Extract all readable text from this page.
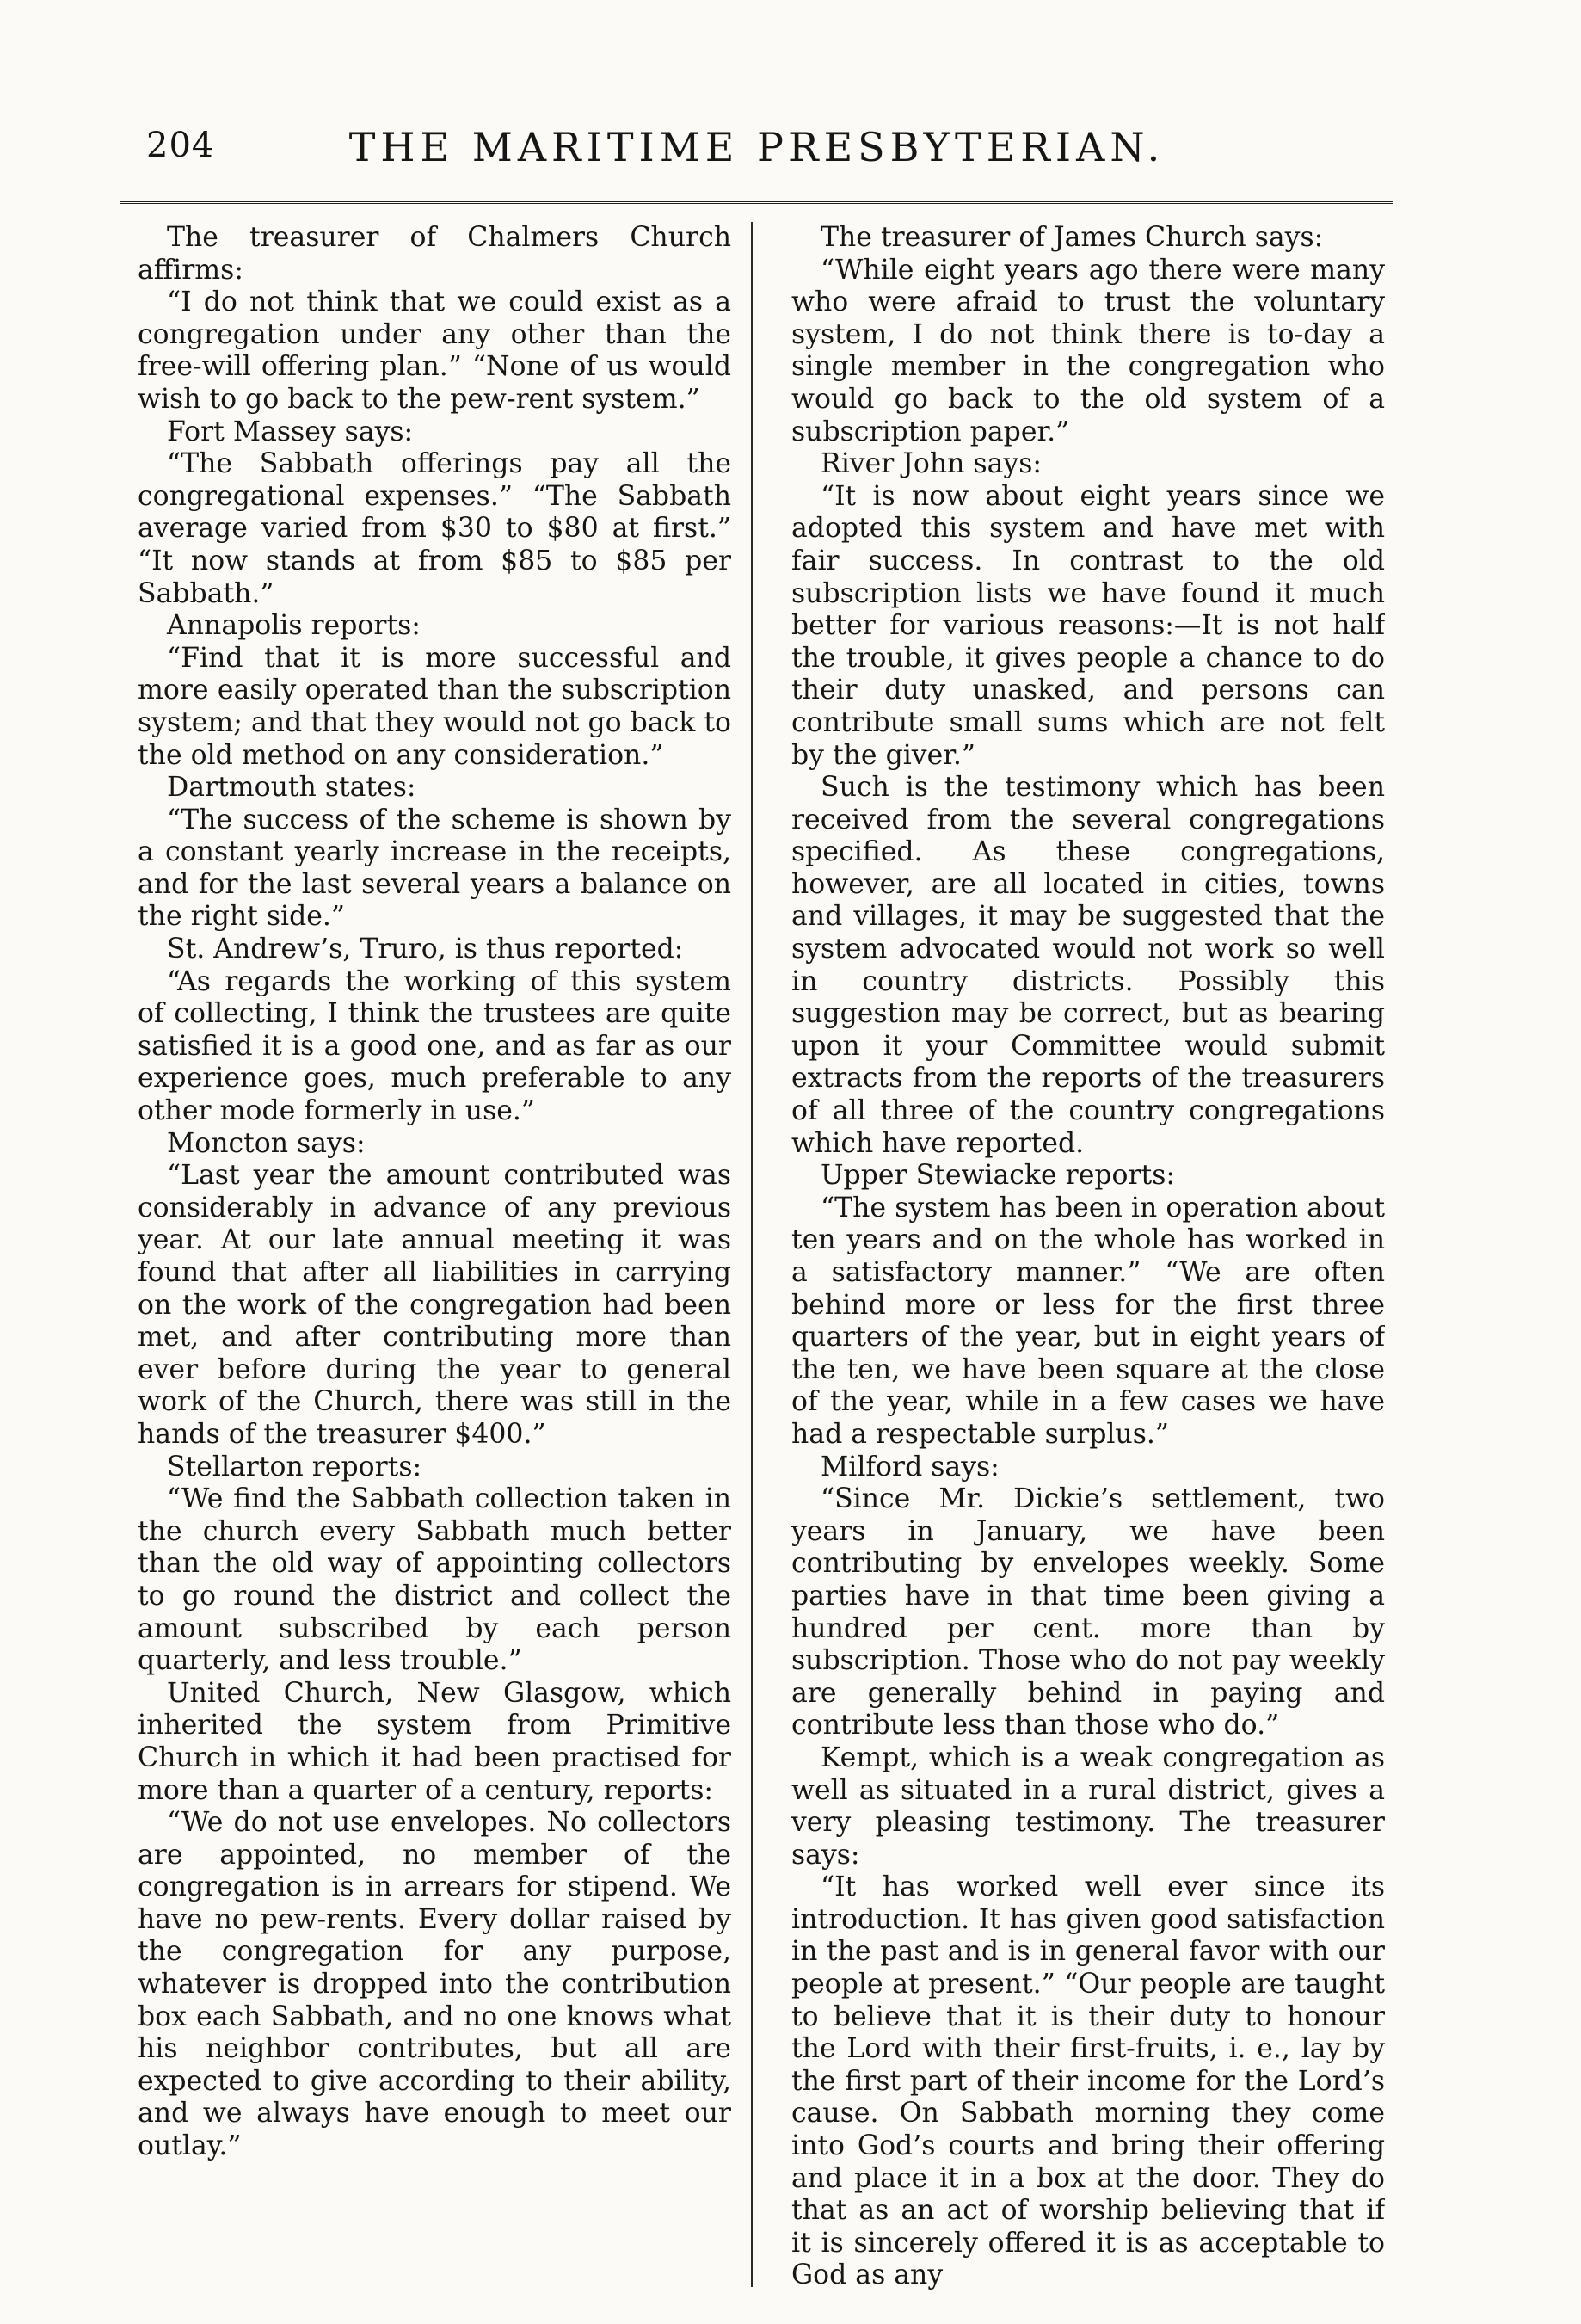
204	THE MARITIME PRESBYTERIAN.

The treasurer of Chalmers Church affirms:

“I do not think that we could exist as a congregation under any other than the free-will offering plan.” “None of us would wish to go back to the pew-rent system.”

Fort Massey says:

“The Sabbath offerings pay all the congregational expenses.” “The Sabbath average varied from $30 to $80 at first.” “It now stands at from $85 to $85 per Sabbath.”

Annapolis reports:

“Find that it is more successful and more easily operated than the subscription system; and that they would not go back to the old method on any consideration.”

Dartmouth states:

“The success of the scheme is shown by a constant yearly increase in the receipts, and for the last several years a balance on the right side.”

St. Andrew’s, Truro, is thus reported:

“As regards the working of this system of collecting, I think the trustees are quite satisfied it is a good one, and as far as our experience goes, much preferable to any other mode formerly in use.”

Moncton says:

“Last year the amount contributed was considerably in advance of any previous year. At our late annual meeting it was found that after all liabilities in carrying on the work of the congregation had been met, and after contributing more than ever before during the year to general work of the Church, there was still in the hands of the treasurer $400.”

Stellarton reports:

“We find the Sabbath collection taken in the church every Sabbath much better than the old way of appointing collectors to go round the district and collect the amount subscribed by each person quarterly, and less trouble.”

United Church, New Glasgow, which inherited the system from Primitive Church in which it had been practised for more than a quarter of a century, reports:

“We do not use envelopes. No collectors are appointed, no member of the congregation is in arrears for stipend. We have no pew-rents. Every dollar raised by the congregation for any purpose, whatever is dropped into the contribution box each Sabbath, and no one knows what his neighbor contributes, but all are expected to give according to their ability, and we always have enough to meet our outlay.”

The treasurer of James Church says:

“While eight years ago there were many who were afraid to trust the voluntary system, I do not think there is to-day a single member in the congregation who would go back to the old system of a subscription paper.”

River John says:

“It is now about eight years since we adopted this system and have met with fair success. In contrast to the old subscription lists we have found it much better for various reasons:—It is not half the trouble, it gives people a chance to do their duty unasked, and persons can contribute small sums which are not felt by the giver.”

Such is the testimony which has been received from the several congregations specified. As these congregations, however, are all located in cities, towns and villages, it may be suggested that the system advocated would not work so well in country districts. Possibly this suggestion may be correct, but as bearing upon it your Committee would submit extracts from the reports of the treasurers of all three of the country congregations which have reported.

Upper Stewiacke reports:

“The system has been in operation about ten years and on the whole has worked in a satisfactory manner.” “We are often behind more or less for the first three quarters of the year, but in eight years of the ten, we have been square at the close of the year, while in a few cases we have had a respectable surplus.”

Milford says:

“Since Mr. Dickie’s settlement, two years in January, we have been contributing by envelopes weekly. Some parties have in that time been giving a hundred per cent. more than by subscription. Those who do not pay weekly are generally behind in paying and contribute less than those who do.”

Kempt, which is a weak congregation as well as situated in a rural district, gives a very pleasing testimony. The treasurer says:

“It has worked well ever since its introduction. It has given good satisfaction in the past and is in general favor with our people at present.” “Our people are taught to believe that it is their duty to honour the Lord with their first-fruits, i. e., lay by the first part of their income for the Lord’s cause. On Sabbath morning they come into God’s courts and bring their offering and place it in a box at the door. They do that as an act of worship believing that if it is sincerely offered it is as acceptable to God as any
